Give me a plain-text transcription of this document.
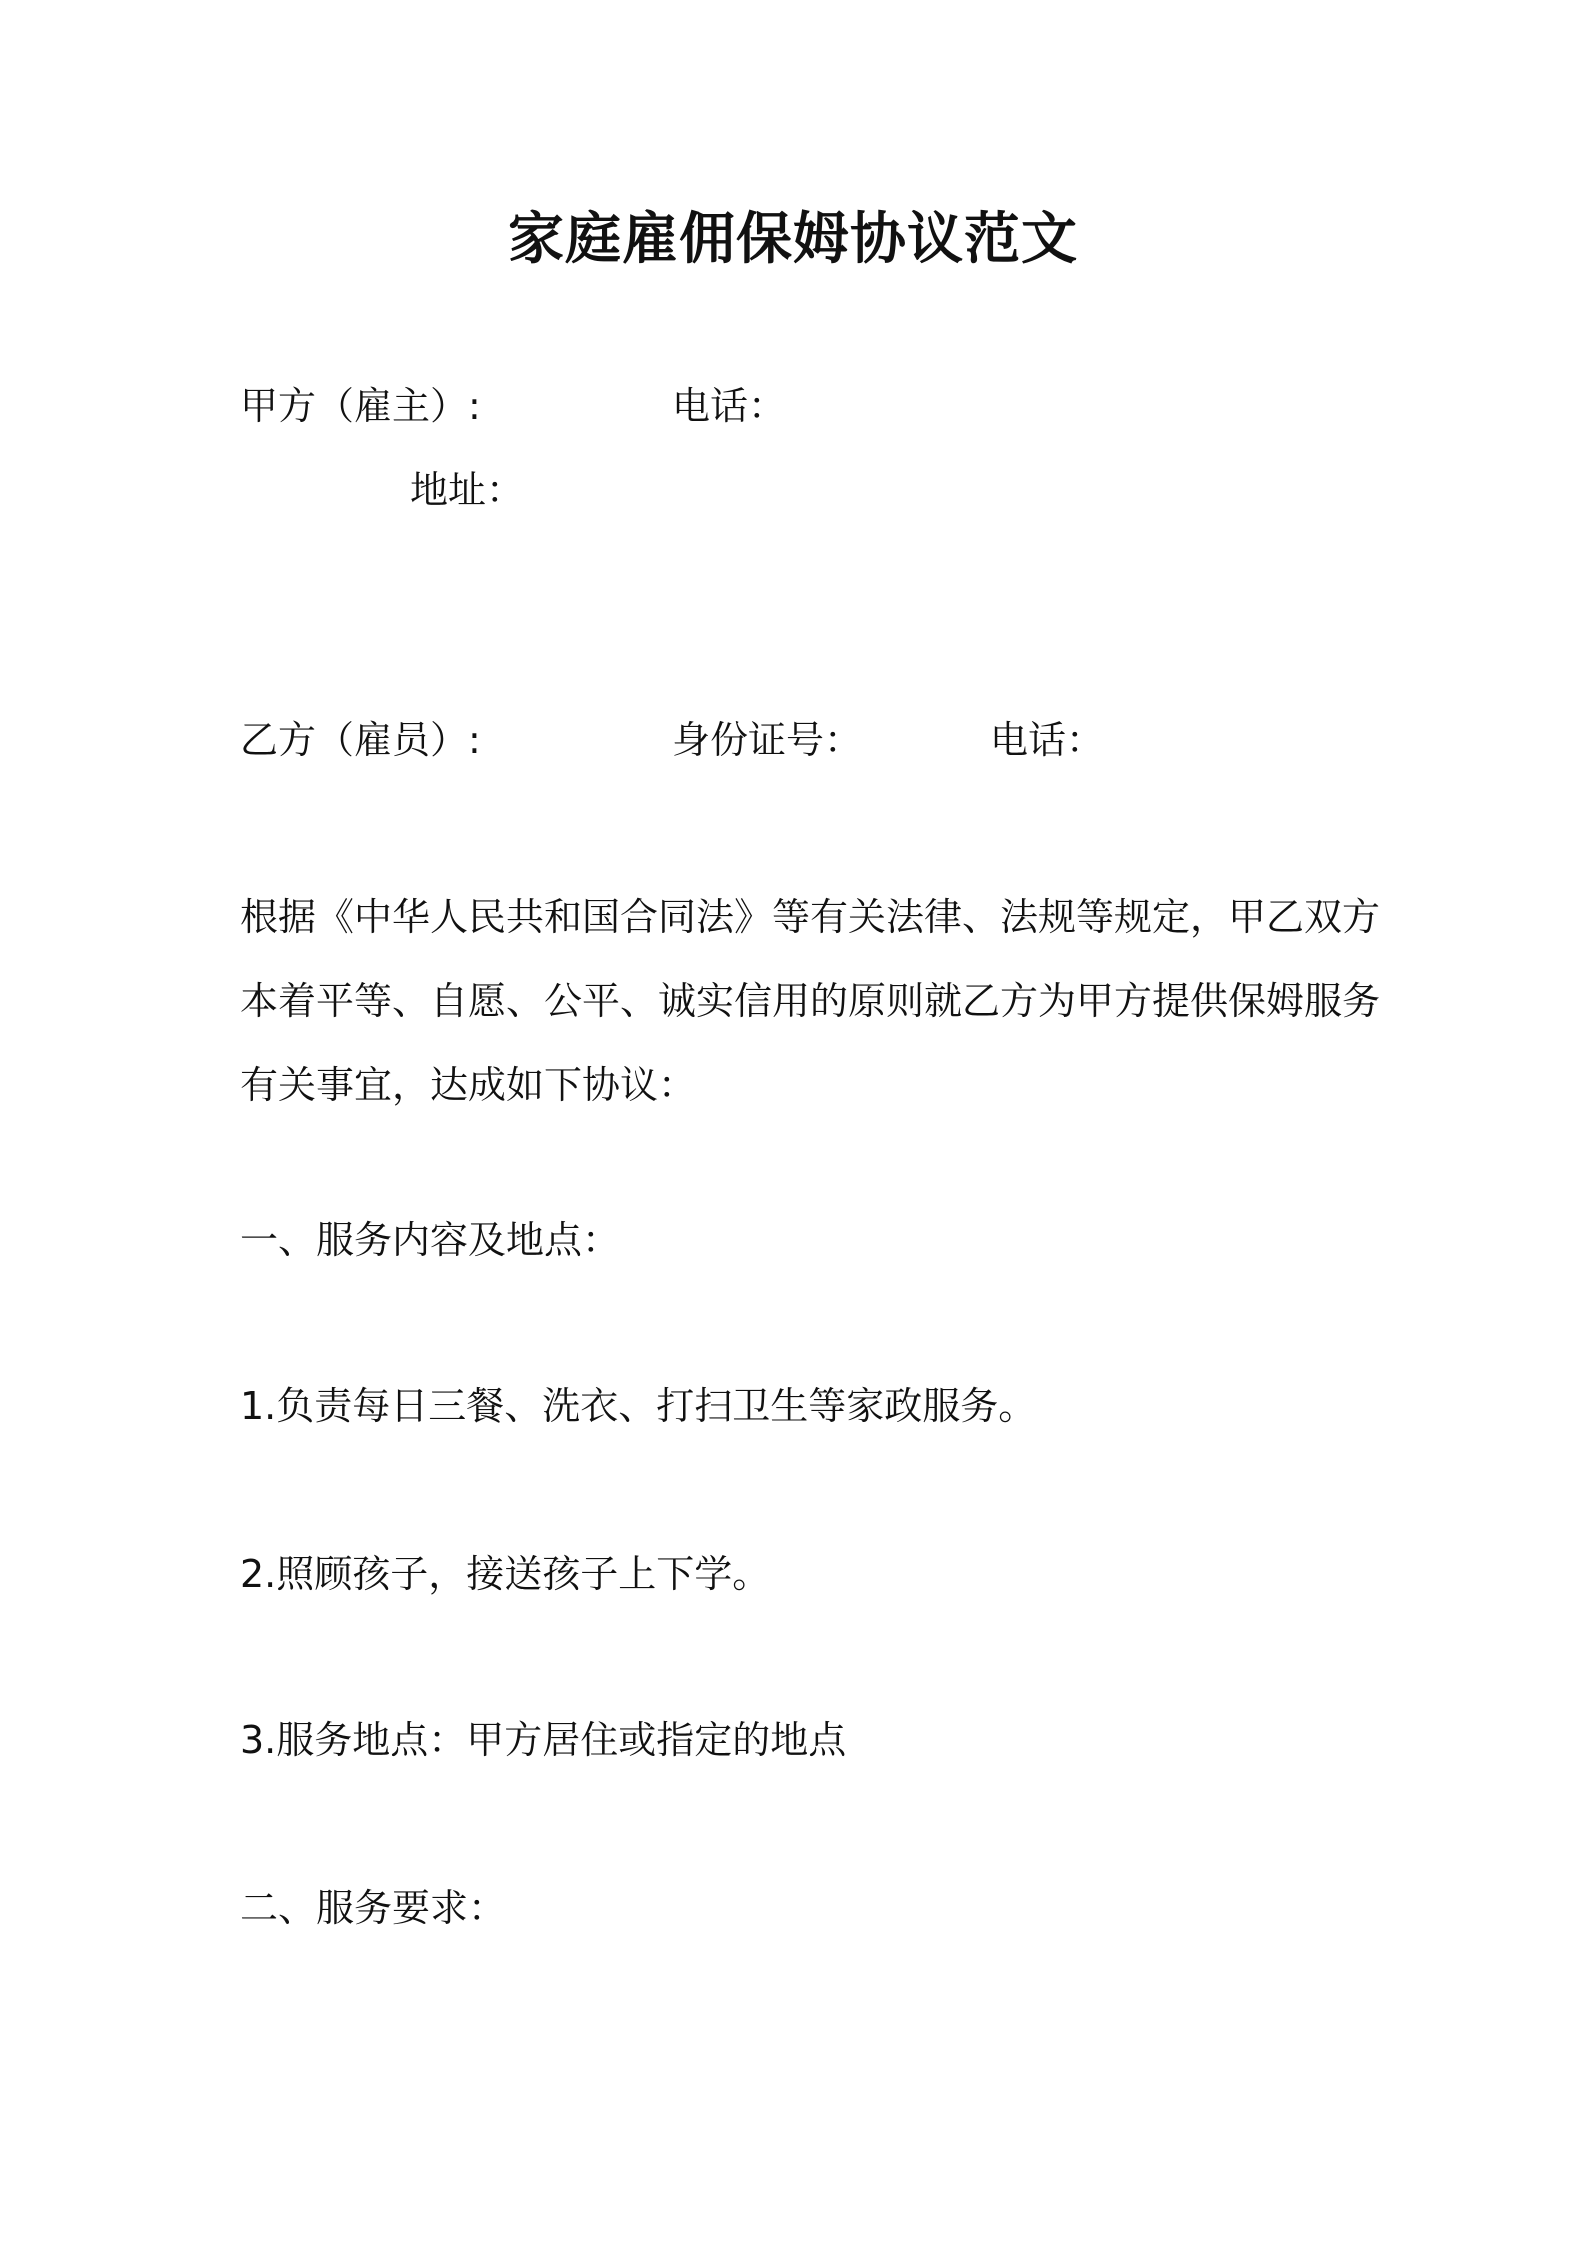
家庭雇佣保姆协议范文
甲方（雇主）:	电话：
地址：
乙方（雇员）:	身份证号：	电话：
根据《中华人民共和国合同法》等有关法律、法规等规定，甲乙双方
本着平等、自愿、公平、诚实信用的原则就乙方为甲方提供保姆服务
有关事宜，达成如下协议：
一、服务内容及地点：
1.负责每日三餐、洗衣、打扫卫生等家政服务。
2.照顾孩子，接送孩子上下学。
3.服务地点：甲方居住或指定的地点
二、服务要求：
